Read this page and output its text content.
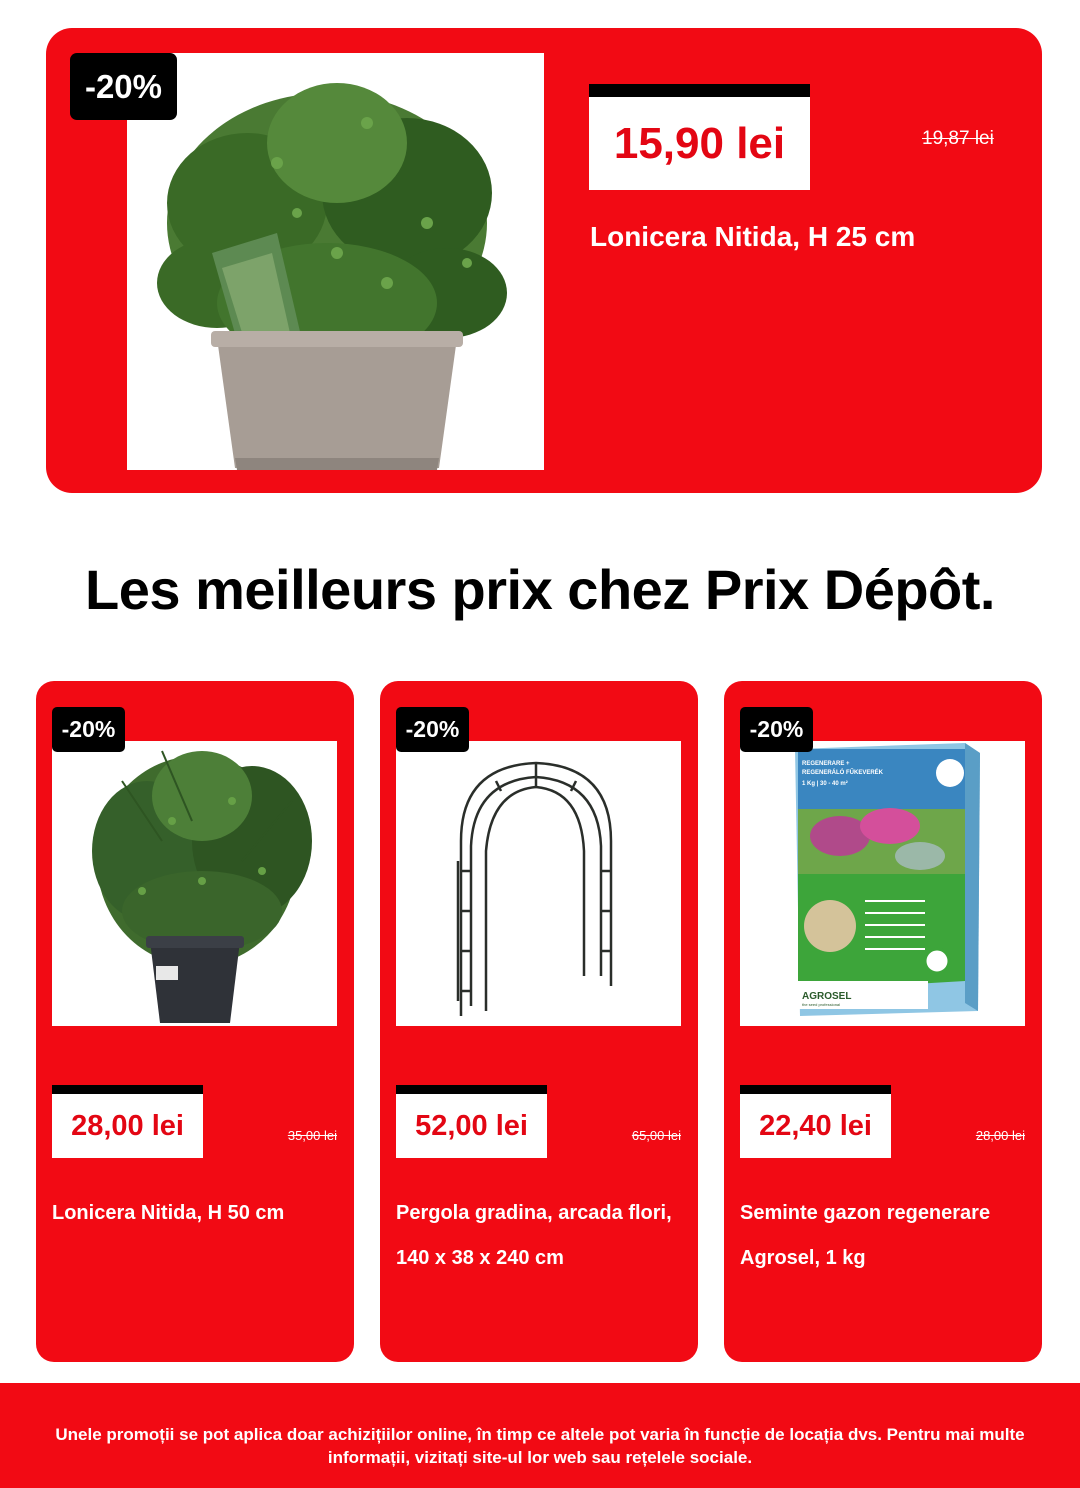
-20%
15,90 lei	19,87 lei
Lonicera Nitida, H 25 cm
Les meilleurs prix chez Prix Dépôt.
-20%
28,00 lei	35,00 lei
Lonicera Nitida, H 50 cm
-20%
52,00 lei	65,00 lei
Pergola gradina, arcada flori, 140 x 38 x 240 cm
REGENERARE +
REGENERÁLÓ FŰKEVERÉK
1 Kg | 30 - 40 m²
AGROSEL
the seed professional
-20%
22,40 lei	28,00 lei
Seminte gazon regenerare Agrosel, 1 kg

Unele promoții se pot aplica doar achizițiilor online, în timp ce altele pot varia în funcție de locația dvs. Pentru mai multe informații, vizitați site-ul lor web sau rețelele sociale.
